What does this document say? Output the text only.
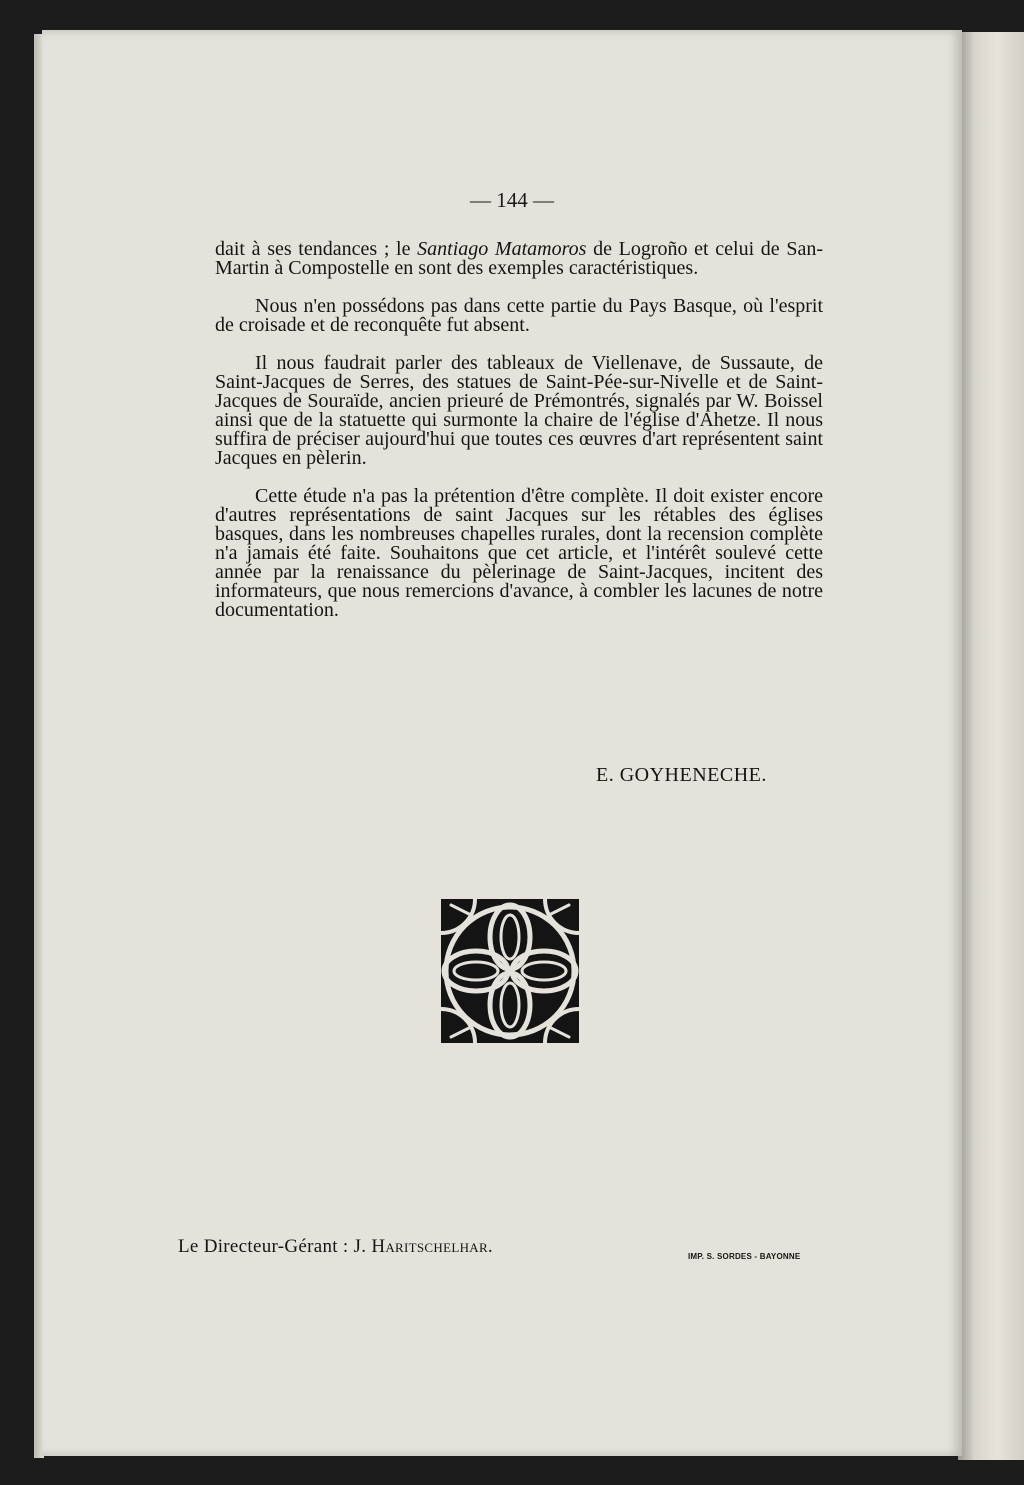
— 144 —

dait à ses tendances ; le Santiago Matamoros de Logroño et celui de San-Martin à Compostelle en sont des exemples caractéristiques.

Nous n'en possédons pas dans cette partie du Pays Basque, où l'esprit de croisade et de reconquête fut absent.

Il nous faudrait parler des tableaux de Viellenave, de Sussaute, de Saint-Jacques de Serres, des statues de Saint-Pée-sur-Nivelle et de Saint-Jacques de Souraïde, ancien prieuré de Prémontrés, signalés par W. Boissel ainsi que de la statuette qui surmonte la chaire de l'église d'Ahetze. Il nous suffira de préciser aujourd'hui que toutes ces œuvres d'art représentent saint Jacques en pèlerin.

Cette étude n'a pas la prétention d'être complète. Il doit exister encore d'autres représentations de saint Jacques sur les rétables des églises basques, dans les nombreuses chapelles rurales, dont la recension complète n'a jamais été faite. Souhaitons que cet article, et l'intérêt soulevé cette année par la renaissance du pèlerinage de Saint-Jacques, incitent des informateurs, que nous remercions d'avance, à combler les lacunes de notre documentation.

E. GOYHENECHE.
Le Directeur-Gérant : J. Haritschelhar.	IMP. S. SORDES - BAYONNE
